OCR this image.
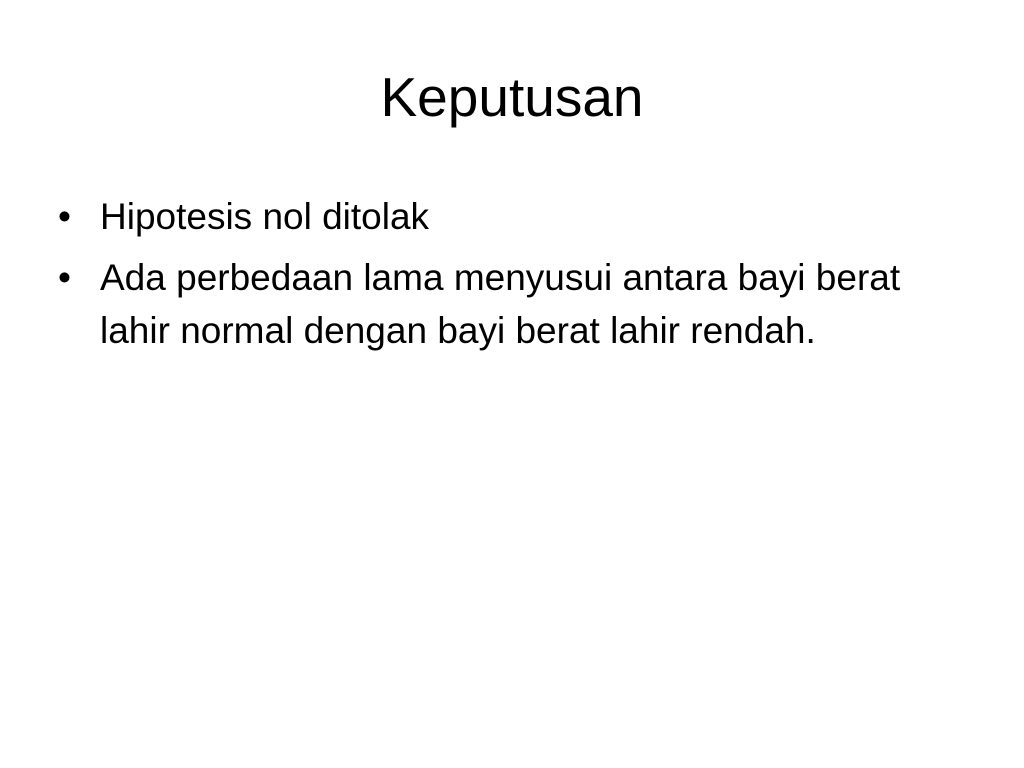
Keputusan
• Hipotesis nol ditolak
• Ada perbedaan lama menyusui antara bayi berat lahir normal dengan bayi berat lahir rendah.
